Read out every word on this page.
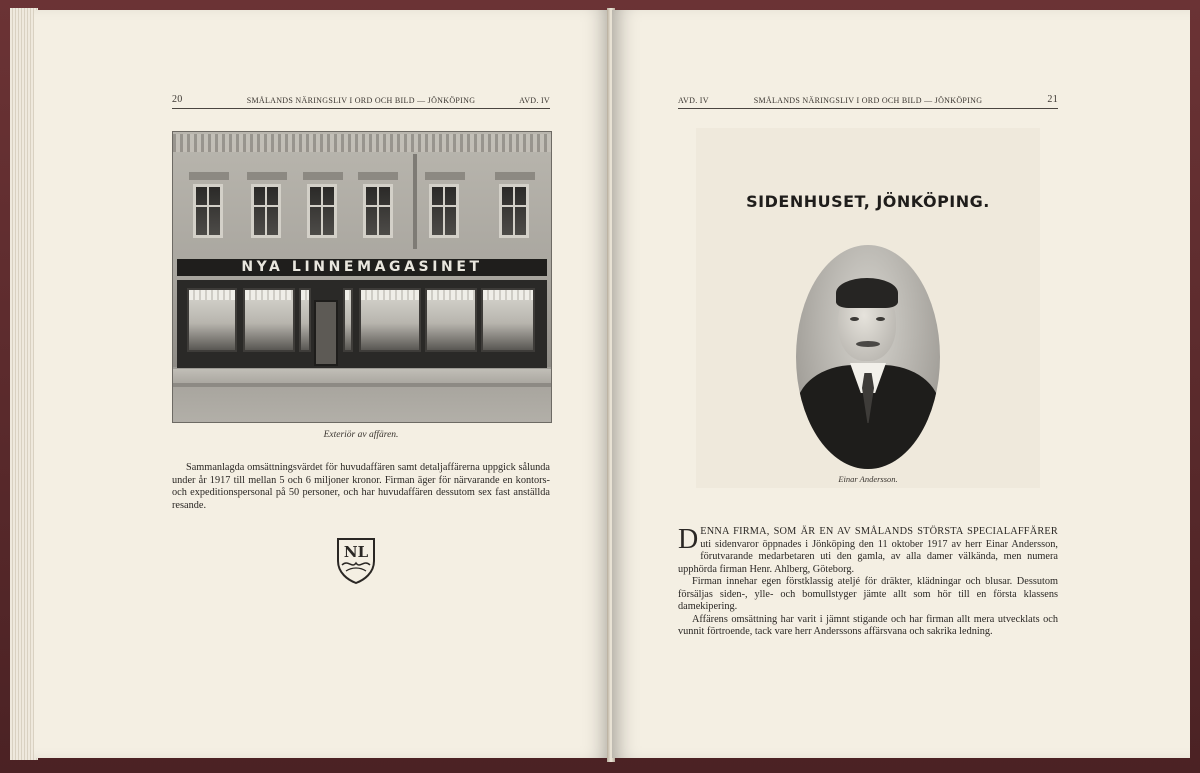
20	SMÅLANDS NÄRINGSLIV I ORD OCH BILD — JÖNKÖPING	AVD. IV
NYA LINNEMAGASINET
Exteriör av affären.
Sammanlagda omsättningsvärdet för huvudaffären samt detaljaffärerna uppgick sålunda under år 1917 till mellan 5 och 6 miljoner kronor. Firman äger för närvarande en kontors- och expeditionspersonal på 50 personer, och har huvudaffären dessutom sex fast anställda resande.
NL
AVD. IV	SMÅLANDS NÄRINGSLIV I ORD OCH BILD — JÖNKÖPING	21
SIDENHUSET, JÖNKÖPING.
Einar Andersson.

DENNA FIRMA, SOM ÄR EN AV SMÅLANDS STÖRSTA SPECIALAFFÄRER uti sidenvaror öppnades i Jönköping den 11 oktober 1917 av herr Einar Andersson, förutvarande medarbetaren uti den gamla, av alla damer välkända, men numera upphörda firman Henr. Ahlberg, Göteborg.

Firman innehar egen förstklassig ateljé för dräkter, klädningar och blusar. Dessutom försäljas siden-, ylle- och bomullstyger jämte allt som hör till en första klassens damekipering.

Affärens omsättning har varit i jämnt stigande och har firman allt mera utvecklats och vunnit förtroende, tack vare herr Anderssons affärsvana och sakrika ledning.
